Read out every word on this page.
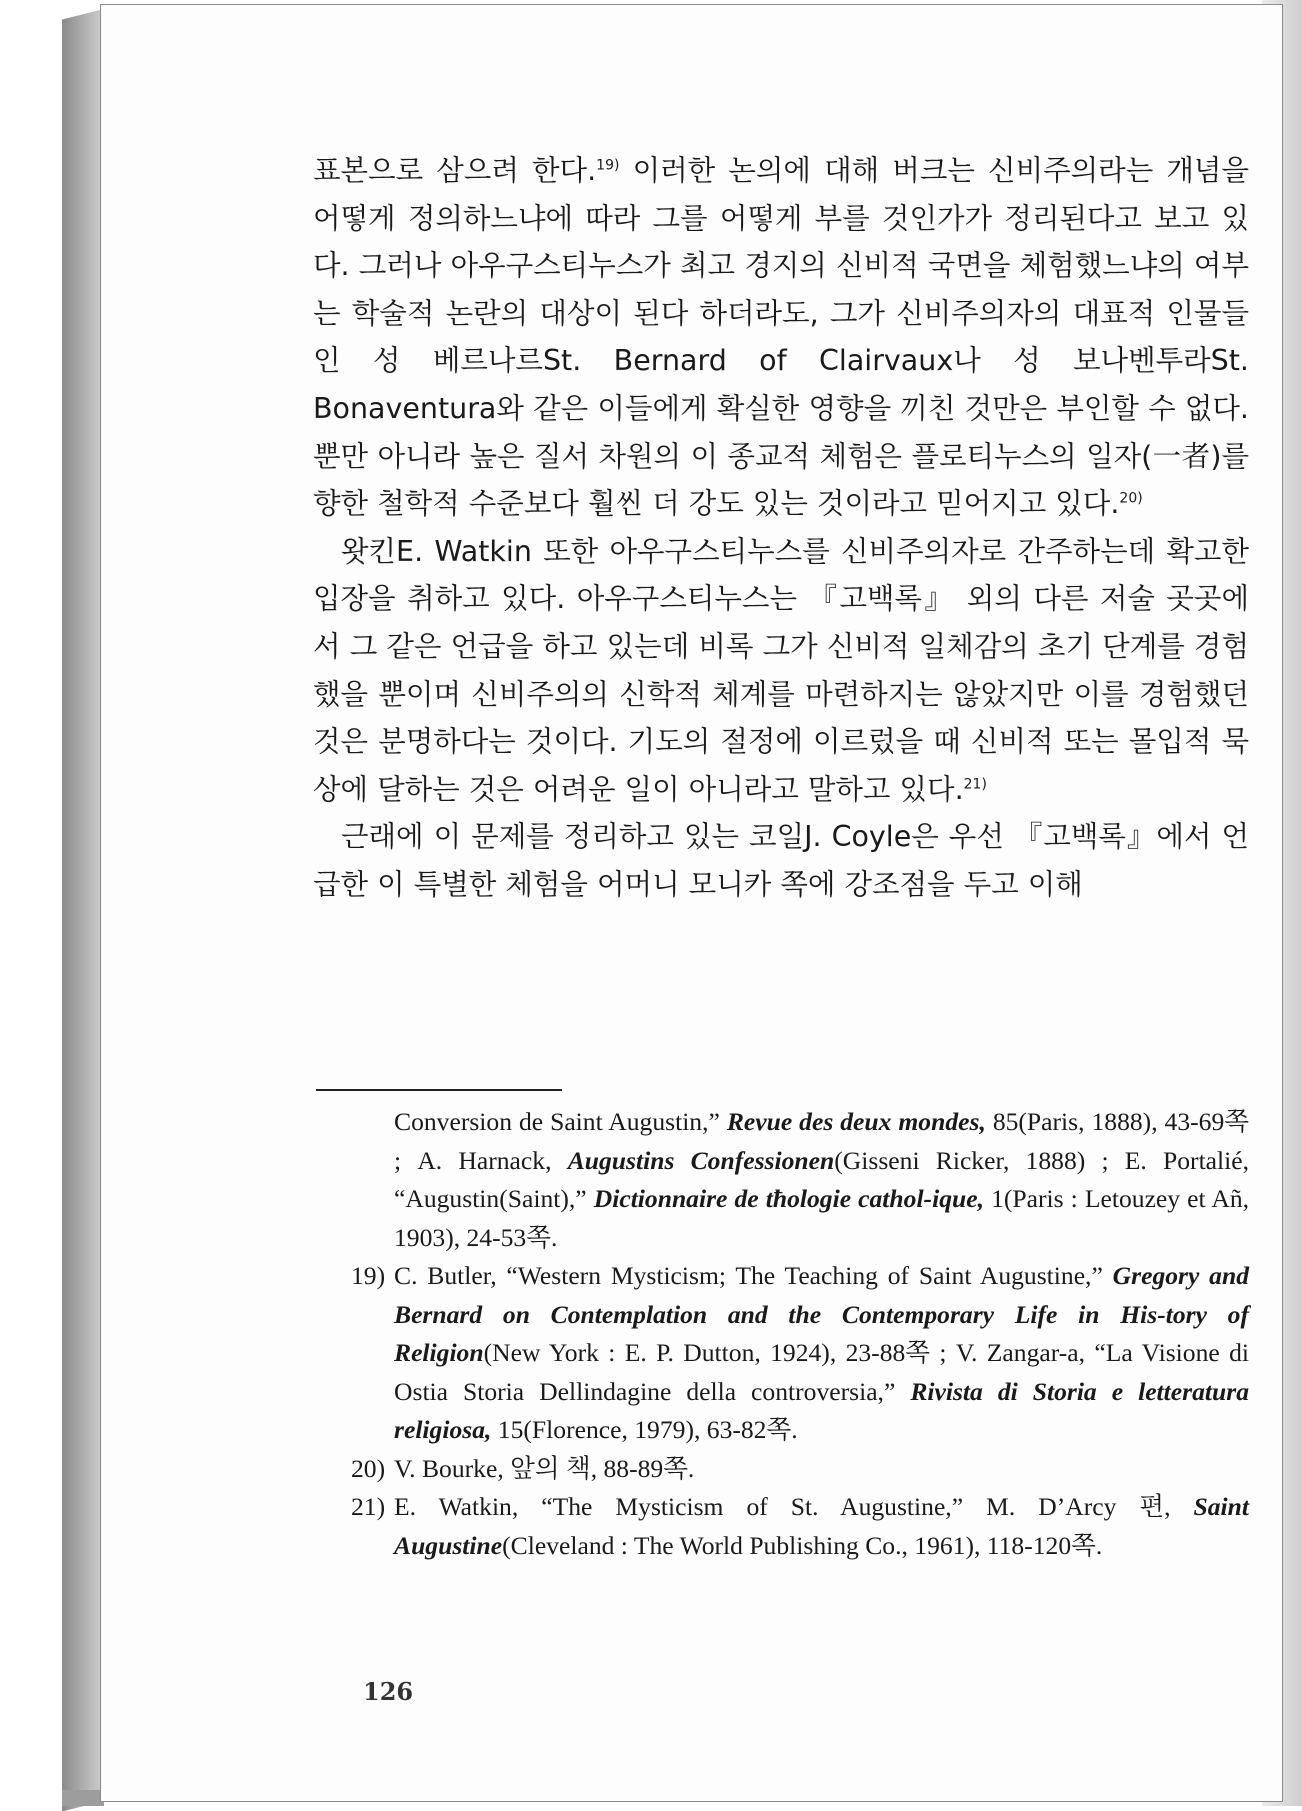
표본으로 삼으려 한다.$^{19)}$ 이러한 논의에 대해 버크는 신비주의라는 개념을 어떻게 정의하느냐에 따라 그를 어떻게 부를 것인가가 정리된다고 보고 있다. 그러나 아우구스티누스가 최고 경지의 신비적 국면을 체험했느냐의 여부는 학술적 논란의 대상이 된다 하더라도, 그가 신비주의자의 대표적 인물들인 성 베르나르St. Bernard of Clairvaux나 성 보나벤투라St. Bonaventura와 같은 이들에게 확실한 영향을 끼친 것만은 부인할 수 없다. 뿐만 아니라 높은 질서 차원의 이 종교적 체험은 플로티누스의 일자(一者)를 향한 철학적 수준보다 훨씬 더 강도 있는 것이라고 믿어지고 있다.$^{20)}$

왓킨E. Watkin 또한 아우구스티누스를 신비주의자로 간주하는데 확고한 입장을 취하고 있다. 아우구스티누스는 『고백록』 외의 다른 저술 곳곳에서 그 같은 언급을 하고 있는데 비록 그가 신비적 일체감의 초기 단계를 경험했을 뿐이며 신비주의의 신학적 체계를 마련하지는 않았지만 이를 경험했던 것은 분명하다는 것이다. 기도의 절정에 이르렀을 때 신비적 또는 몰입적 묵상에 달하는 것은 어려운 일이 아니라고 말하고 있다.$^{21)}$

근래에 이 문제를 정리하고 있는 코일J. Coyle은 우선 『고백록』에서 언급한 이 특별한 체험을 어머니 모니카 쪽에 강조점을 두고 이해

Conversion de Saint Augustin,” Revue des deux mondes, 85(Paris, 1888), 43-69쪽 ; A. Harnack, Augustins Confessionen(Gisseni Ricker, 1888) ; E. Portalié, “Augustin(Saint),” Dictionnaire de tħologie cathol-ique, 1(Paris : Letouzey et Añ, 1903), 24-53쪽.

19) C. Butler, “Western Mysticism; The Teaching of Saint Augustine,” Gregory and Bernard on Contemplation and the Contemporary Life in His-tory of Religion(New York : E. P. Dutton, 1924), 23-88쪽 ; V. Zangar-a, “La Visione di Ostia Storia Dellindagine della controversia,” Rivista di Storia e letteratura religiosa, 15(Florence, 1979), 63-82쪽.

20) V. Bourke, 앞의 책, 88-89쪽.

21) E. Watkin, “The Mysticism of St. Augustine,” M. D’Arcy 편, Saint Augustine(Cleveland : The World Publishing Co., 1961), 118-120쪽.

126
